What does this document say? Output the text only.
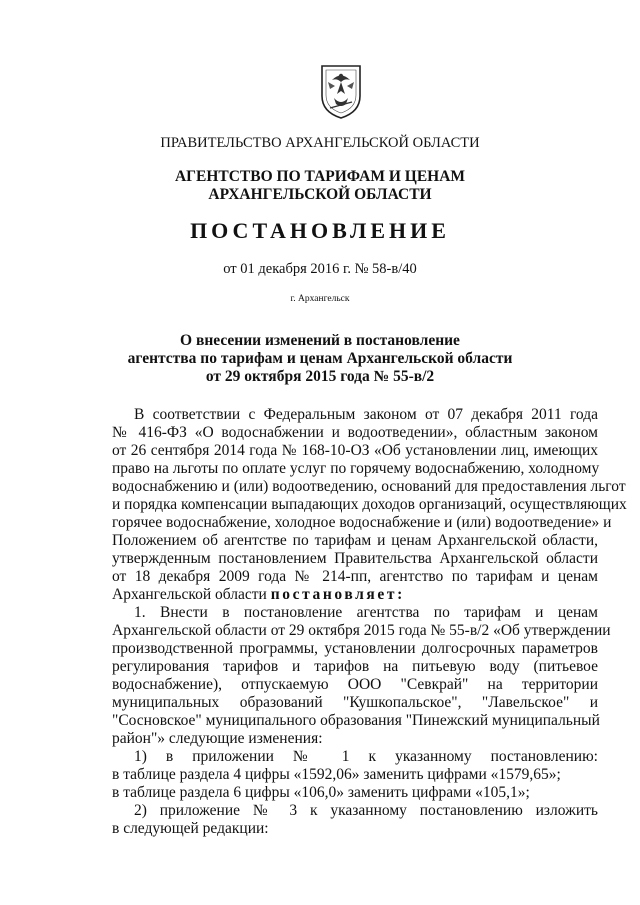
ПРАВИТЕЛЬСТВО АРХАНГЕЛЬСКОЙ ОБЛАСТИ
АГЕНТСТВО ПО ТАРИФАМ И ЦЕНАМ
АРХАНГЕЛЬСКОЙ ОБЛАСТИ
ПОСТАНОВЛЕНИЕ
от 01 декабря 2016 г. № 58-в/40
г. Архангельск
О внесении изменений в постановление
агентства по тарифам и ценам Архангельской области
от 29 октября 2015 года № 55-в/2
В соответствии с Федеральным законом от 07 декабря 2011 года
№ 416-ФЗ «О водоснабжении и водоотведении», областным законом
от 26 сентября 2014 года № 168-10-ОЗ «Об установлении лиц, имеющих
право на льготы по оплате услуг по горячему водоснабжению, холодному
водоснабжению и (или) водоотведению, оснований для предоставления льгот
и порядка компенсации выпадающих доходов организаций, осуществляющих
горячее водоснабжение, холодное водоснабжение и (или) водоотведение» и
Положением об агентстве по тарифам и ценам Архангельской области,
утвержденным постановлением Правительства Архангельской области
от 18 декабря 2009 года № 214-пп, агентство по тарифам и ценам
Архангельской области постановляет:
1. Внести в постановление агентства по тарифам и ценам
Архангельской области от 29 октября 2015 года № 55-в/2 «Об утверждении
производственной программы, установлении долгосрочных параметров
регулирования тарифов и тарифов на питьевую воду (питьевое
водоснабжение), отпускаемую ООО "Севкрай" на территории
муниципальных образований "Кушкопальское", "Лавельское" и
"Сосновское" муниципального образования "Пинежский муниципальный
район"» следующие изменения:
1) в приложении № 1 к указанному постановлению:
в таблице раздела 4 цифры «1592,06» заменить цифрами «1579,65»;
в таблице раздела 6 цифры «106,0» заменить цифрами «105,1»;
2) приложение № 3 к указанному постановлению изложить
в следующей редакции:
